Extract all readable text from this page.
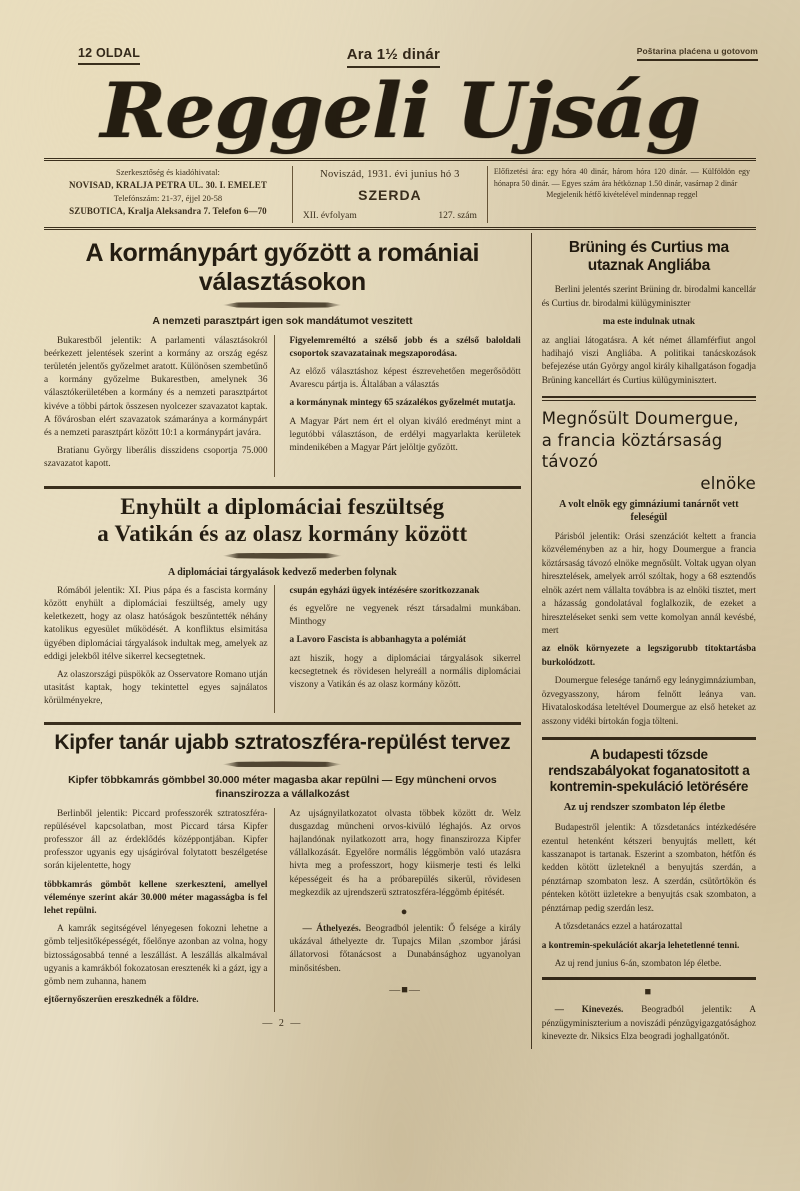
12 OLDAL	Ara 1½ dinár	Poštarina plaćena u gotovom
Reggeli Ujság
Szerkesztőség és kiadóhivatal:
NOVISAD, KRALJA PETRA UL. 30. I. EMELET
Telefónszám: 21-37, éjjel 20-58
SZUBOTICA, Kralja Aleksandra 7. Telefon 6—70
Noviszád, 1931. évi junius hó 3
SZERDA
XII. évfolyam	127. szám
Előfizetési ára: egy hóra 40 dinár, három hóra 120 dinár. — Külföldön egy hónapra 50 dinár. — Egyes szám ára hétköznap 1.50 dinár, vasárnap 2 dinár
Megjelenik hétfő kivételével mindennap reggel
A kormánypárt győzött a romániai választásokon
A nemzeti parasztpárt igen sok mandátumot veszitett

Bukarestből jelentik: A parlamenti választásokról beérkezett jelentések szerint a kormány az ország egész területén jelentős győzelmet aratott. Különösen szembetűnő a kormány győzelme Bukarestben, amelynek 36 választókerületében a kormány és a nemzeti parasztpártot kivéve a többi pártok összesen nyolcezer szavazatot kaptak. A fővárosban elért szavazatok számaránya a kormánypárt és a nemzeti parasztpárt között 10:1 a kormánypárt javára.

Bratianu György liberális disszidens csoportja 75.000 szavazatot kapott.

Figyelemreméltó a szélső jobb és a szélső baloldali csoportok szavazatainak megszaporodása.

Az előző választáshoz képest észrevehetően megerősödött Avarescu pártja is. Általában a választás

a kormánynak mintegy 65 százalékos győzelmét mutatja.

A Magyar Párt nem ért el olyan kiváló eredményt mint a legutóbbi választáson, de erdélyi magyarlakta kerületek mindenikében a Magyar Párt jelöltje győzött.

Enyhült a diplomáciai feszültség
a Vatikán és az olasz kormány között
A diplomáciai tárgyalások kedvező mederben folynak

Rómából jelentik: XI. Pius pápa és a fascista kormány között enyhült a diplomáciai feszültség, amely ugy keletkezett, hogy az olasz hatóságok beszüntették néhány katolikus egyesület működését. A konfliktus elsimitása ügyében diplomáciai tárgyalások indultak meg, amelyek az eddigi jelekből itélve sikerrel kecsegtetnek.

Az olaszországi püspökök az Osservatore Romano utján utasitást kaptak, hogy tekintettel egyes sajnálatos körülményekre,

csupán egyházi ügyek intézésére szoritkozzanak

és egyelőre ne vegyenek részt társadalmi munkában. Minthogy

a Lavoro Fascista is abbanhagyta a polémiát

azt hiszik, hogy a diplomáciai tárgyalások sikerrel kecsegtetnek és rövidesen helyreáll a normális diplomáciai viszony a Vatikán és az olasz kormány között.

Kipfer tanár ujabb sztratoszféra-repülést tervez
Kipfer többkamrás gömbbel 30.000 méter magasba akar repülni — Egy müncheni orvos finanszirozza a vállalkozást

Berlinből jelentik: Piccard professzorék sztratoszféra-repülésével kapcsolatban, most Piccard társa Kipfer professzor áll az érdeklődés középpontjában. Kipfer professzor ugyanis egy ujságiróval folytatott beszélgetése során kijelentette, hogy

többkamrás gömböt kellene szerkeszteni, amellyel véleménye szerint akár 30.000 méter magasságba is fel lehet repülni.

A kamrák segitségével lényegesen fokozni lehetne a gömb teljesitőképességét, főelőnye azonban az volna, hogy biztosságosabbá tenné a leszállást. A leszállás alkalmával ugyanis a kamrákból fokozatosan eresztenék ki a gázt, igy a gömb nem zuhanna, hanem

ejtőernyőszerüen ereszkednék a földre.

Az ujságnyilatkozatot olvasta többek között dr. Welz dusgazdag müncheni orvos-kivüló léghajós. Az orvos hajlandónak nyilatkozott arra, hogy finanszirozza Kipfer vállalkozását. Egyelőre normális léggömbön való utazásra hivta meg a professzort, hogy kiismerje testi és lelki képességeit és ha a próbarepülés sikerül, rövidesen megkezdik az ujrendszerü sztratoszféra-léggömb épitését.

●

— Áthelyezés. Beogradból jelentik: Ő felsége a király ukázával áthelyezte dr. Tupajcs Milan ,szombor járási állatorvosi főtanácsost a Dunabánsághoz ugyanolyan minősitésben.

—■—
— 2 —
Brüning és Curtius ma utaznak Angliába

Berlini jelentés szerint Brüning dr. birodalmi kancellár és Curtius dr. birodalmi külügyminiszter

ma este indulnak utnak

az angliai látogatásra. A két német államférfiut angol hadihajó viszi Angliába. A politikai tanácskozások befejezése után György angol király kihallgatáson fogadja Brüning kancellárt és Curtius külügyminisztert.

Megnősült Doumergue,
a francia köztársaság távozó

elnöke
A volt elnök egy gimnáziumi tanárnőt vett feleségül

Párisból jelentik: Orási szenzációt keltett a francia közvéleményben az a hir, hogy Doumergue a francia köztársaság távozó elnöke megnősült. Voltak ugyan olyan hiresztelések, amelyek arról szóltak, hogy a 68 esztendős elnök azért nem vállalta továbbra is az elnöki tisztet, mert a házasság gondolatával foglalkozik, de ezeket a hireszteléseket senki sem vette komolyan annál kevésbé, mert

az elnök környezete a legszigorubb titoktartásba burkolódzott.

Doumergue felesége tanárnő egy leánygimnáziumban, özvegyasszony, három felnőtt leánya van. Hivataloskodása leteltével Doumergue az első heteket az asszony vidéki bírtokán fogja tölteni.

A budapesti tőzsde rendszabályokat foganatositott a kontremin-spekuláció letörésére
Az uj rendszer szombaton lép életbe

Budapestről jelentik: A tőzsdetanács intézkedésére ezentul hetenként kétszeri benyujtás mellett, két kasszanapot is tartanak. Eszerint a szombaton, hétfőn és kedden kötött üzleteknél a benyujtás szerdán, a pénztárnap szombaton lesz. A szerdán, csütörtökön és pénteken kötött üzletekre a benyujtás csak szombaton, a pénztárnap pedig szerdán lesz.

A tőzsdetanács ezzel a határozattal

a kontremin-spekulációt akarja lehetetlenné tenni.

Az uj rend junius 6-án, szombaton lép életbe.

■

— Kinevezés. Beogradból jelentik: A pénzügyminiszterium a noviszádi pénzügyigazgatósághoz kinevezte dr. Niksics Elza beogradi joghallgatónőt.
